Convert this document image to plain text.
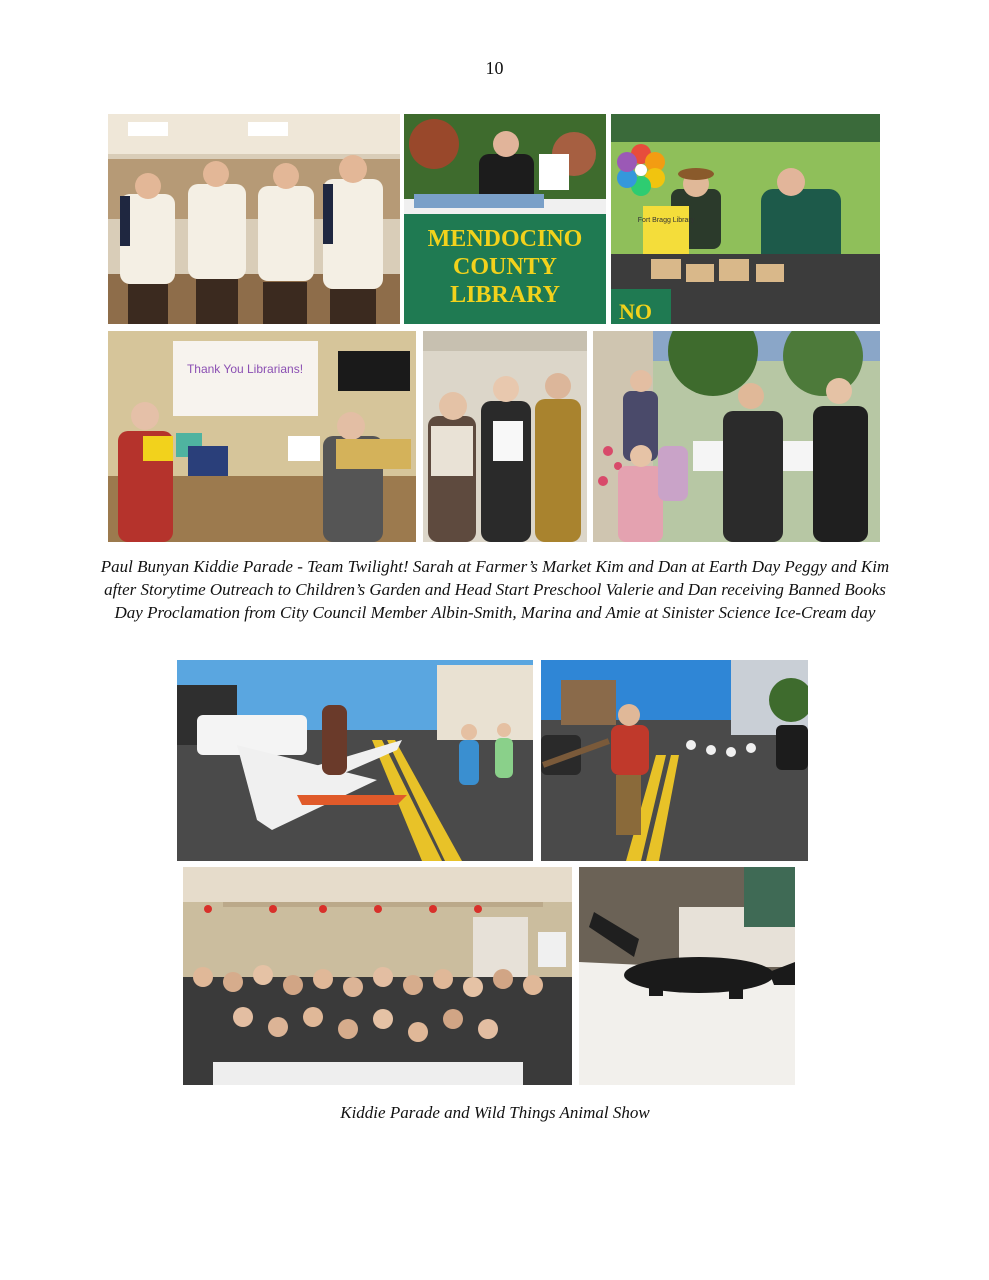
10
MENDOCINO
COUNTY
LIBRARY
Fort Bragg Library
NO
Thank You Librarians!
Paul Bunyan Kiddie Parade - Team Twilight! Sarah at Farmer’s Market Kim and Dan at Earth Day Peggy and Kim after Storytime Outreach to Children’s Garden and Head Start Preschool Valerie and Dan receiving Banned Books Day Proclamation from City Council Member Albin-Smith, Marina and Amie at Sinister Science Ice-Cream day
Kiddie Parade and Wild Things Animal Show
